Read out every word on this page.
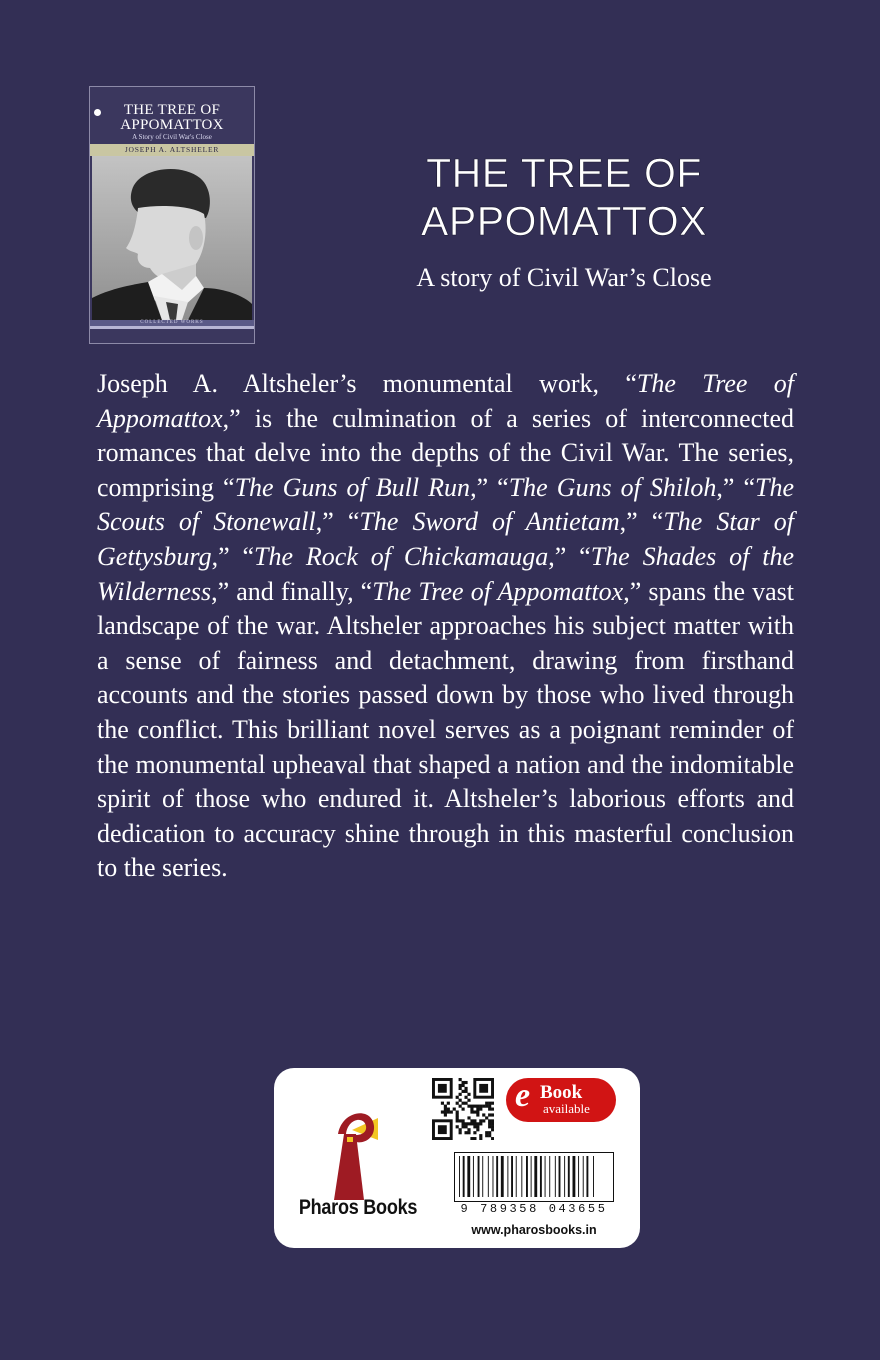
THE TREE OF
APPOMATTOX
A Story of Civil War's Close
JOSEPH A. ALTSHELER
COLLECTED WORKS
THE TREE OF
APPOMATTOX
A story of Civil War’s Close

Joseph A. Altsheler’s monumental work, “The Tree of Appomattox,” is the culmination of a series of interconnected romances that delve into the depths of the Civil War. The series, comprising “The Guns of Bull Run,” “The Guns of Shiloh,” “The Scouts of Stonewall,” “The Sword of Antietam,” “The Star of Gettysburg,” “The Rock of Chickamauga,” “The Shades of the Wilderness,” and finally, “The Tree of Appomattox,” spans the vast landscape of the war. Altsheler approaches his subject matter with a sense of fairness and detachment, drawing from firsthand accounts and the stories passed down by those who lived through the conflict. This brilliant novel serves as a poignant reminder of the monumental upheaval that shaped a nation and the indomitable spirit of those who endured it. Altsheler’s laborious efforts and dedication to accuracy shine through in this masterful conclusion to the series.

Pharos Books
e Book
available
9 789358 043655
www.pharosbooks.in
